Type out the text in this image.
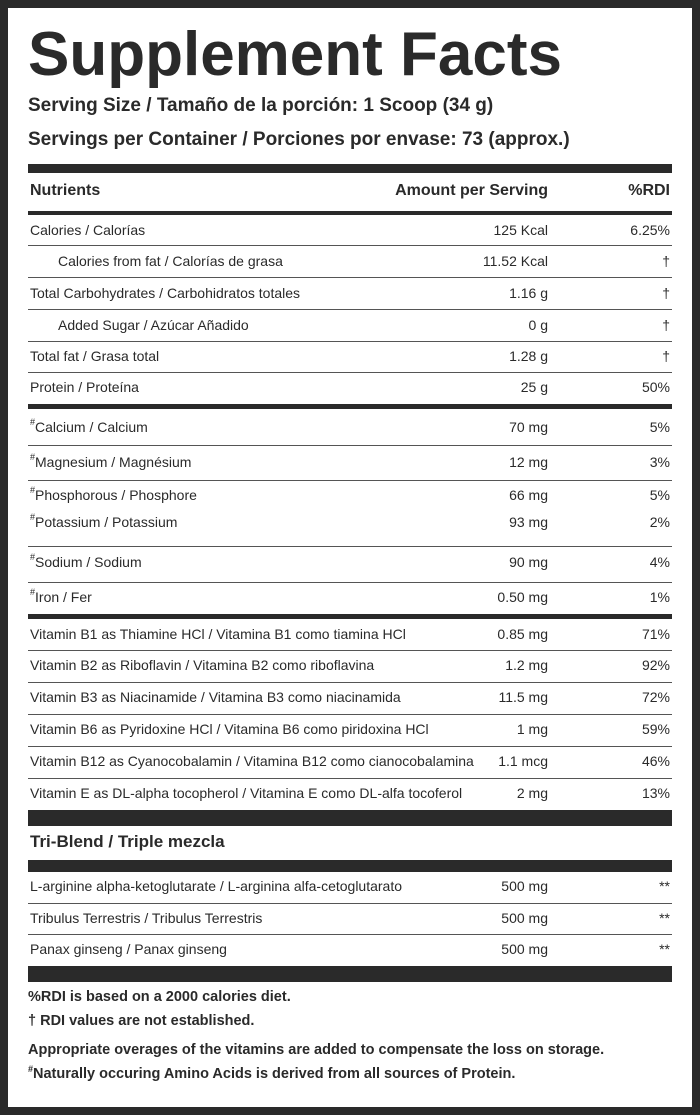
Supplement Facts
Serving Size / Tamaño de la porción: 1 Scoop (34 g)
Servings per Container / Porciones por envase: 73 (approx.)
Nutrients	Amount per Serving	%RDI
Calories / Calorías	125 Kcal	6.25%
Calories from fat / Calorías de grasa	11.52 Kcal	†
Total Carbohydrates / Carbohidratos totales	1.16 g	†
Added Sugar / Azúcar Añadido	0 g	†
Total fat / Grasa total	1.28 g	†
Protein / Proteína	25 g	50%
#Calcium / Calcium	70 mg	5%
#Magnesium / Magnésium	12 mg	3%
#Phosphorous / Phosphore	66 mg	5%
#Potassium / Potassium	93 mg	2%
#Sodium / Sodium	90 mg	4%
#Iron / Fer	0.50 mg	1%
Vitamin B1 as Thiamine HCl / Vitamina B1 como tiamina HCl	0.85 mg	71%
Vitamin B2 as Riboflavin / Vitamina B2 como riboflavina	1.2 mg	92%
Vitamin B3 as Niacinamide / Vitamina B3 como niacinamida	11.5 mg	72%
Vitamin B6 as Pyridoxine HCl / Vitamina B6 como piridoxina HCl	1 mg	59%
Vitamin B12 as Cyanocobalamin / Vitamina B12 como cianocobalamina 1.1 mcg	46%
Vitamin E as DL-alpha tocopherol / Vitamina E como DL-alfa tocoferol	2 mg	13%
Tri-Blend / Triple mezcla
L-arginine alpha-ketoglutarate / L-arginina alfa-cetoglutarato	500 mg	**
Tribulus Terrestris / Tribulus Terrestris	500 mg	**
Panax ginseng / Panax ginseng	500 mg	**
%RDI is based on a 2000 calories diet.
† RDI values are not established.
Appropriate overages of the vitamins are added to compensate the loss on storage.
#Naturally occuring Amino Acids is derived from all sources of Protein.
